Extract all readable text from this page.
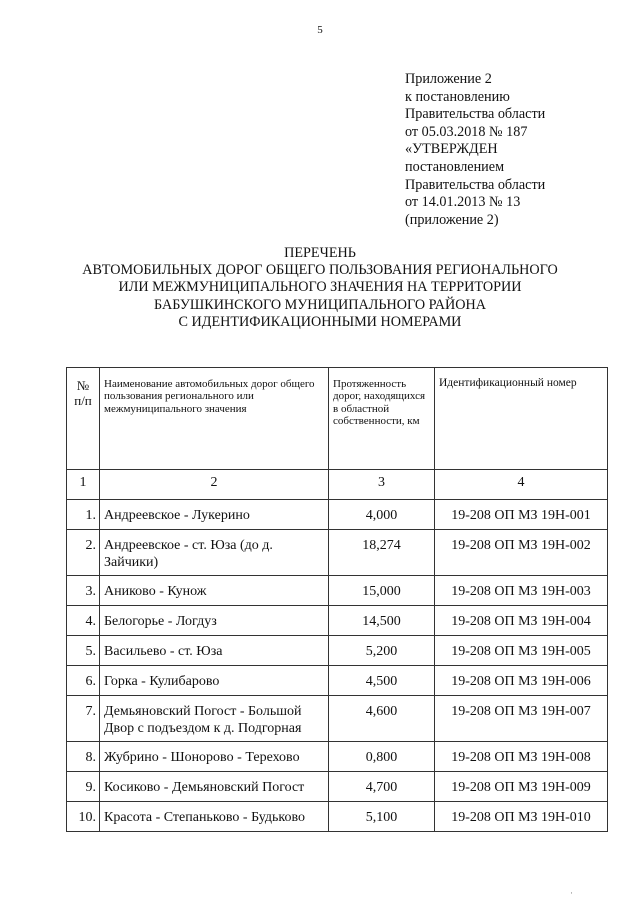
5
Приложение 2
к постановлению
Правительства области
от 05.03.2018 № 187
«УТВЕРЖДЕН
постановлением
Правительства области
от 14.01.2013 № 13
(приложение 2)
ПЕРЕЧЕНЬ
АВТОМОБИЛЬНЫХ ДОРОГ ОБЩЕГО ПОЛЬЗОВАНИЯ РЕГИОНАЛЬНОГО
ИЛИ МЕЖМУНИЦИПАЛЬНОГО ЗНАЧЕНИЯ НА ТЕРРИТОРИИ
БАБУШКИНСКОГО МУНИЦИПАЛЬНОГО РАЙОНА
С ИДЕНТИФИКАЦИОННЫМИ НОМЕРАМИ
№ п/п	Наименование автомобильных дорог общего пользования регионального или межмуниципального значения	Протяженность дорог, находящихся в областной собственности, км	Идентификационный номер
1	2	3	4
1.	Андреевское - Лукерино	4,000	19-208 ОП МЗ 19Н-001
2.	Андреевское - ст. Юза (до д. Зайчики)	18,274	19-208 ОП МЗ 19Н-002
3.	Аниково - Кунож	15,000	19-208 ОП МЗ 19Н-003
4.	Белогорье - Логдуз	14,500	19-208 ОП МЗ 19Н-004
5.	Васильево - ст. Юза	5,200	19-208 ОП МЗ 19Н-005
6.	Горка - Кулибарово	4,500	19-208 ОП МЗ 19Н-006
7.	Демьяновский Погост - Большой Двор с подъездом к д. Подгорная	4,600	19-208 ОП МЗ 19Н-007
8.	Жубрино - Шоноровo - Терехово	0,800	19-208 ОП МЗ 19Н-008
9.	Косиково - Демьяновский Погост	4,700	19-208 ОП МЗ 19Н-009
10.	Красота - Степаньково - Будьково	5,100	19-208 ОП МЗ 19Н-010
·
